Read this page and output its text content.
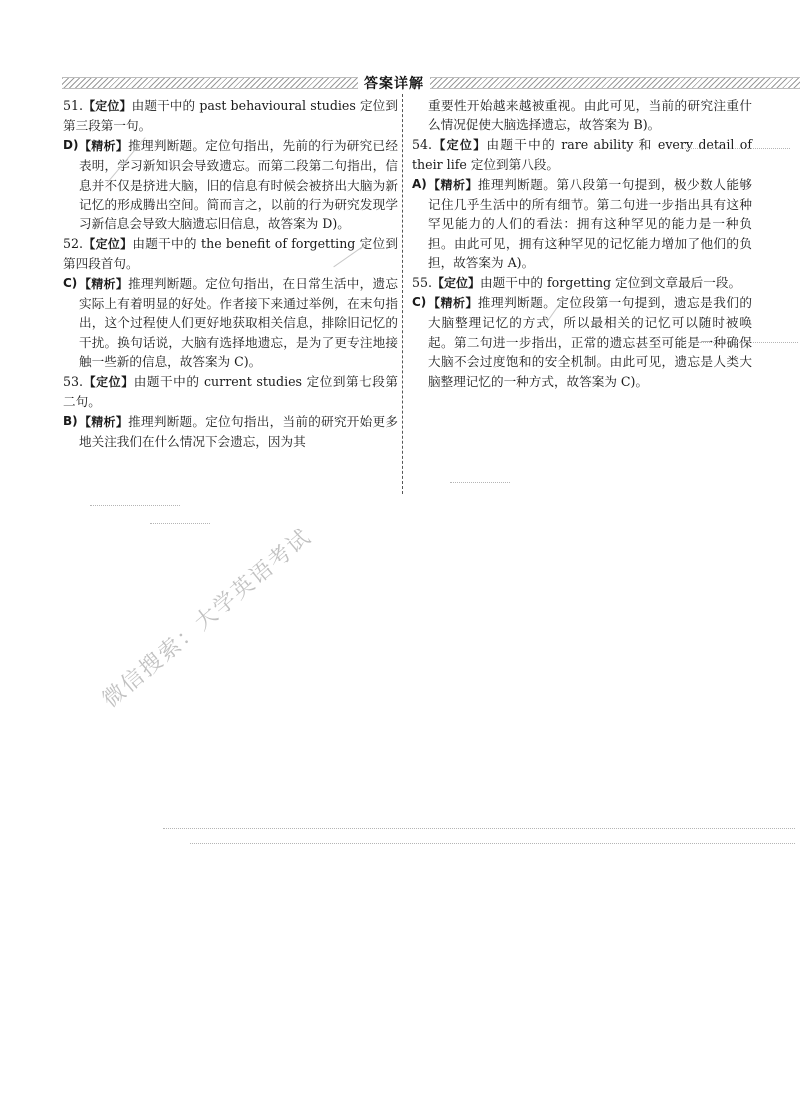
答案详解

51.【定位】由题干中的 past behavioural studies 定位到第三段第一句。

D) 【精析】推理判断题。定位句指出，先前的行为研究已经表明，学习新知识会导致遗忘。而第二段第二句指出，信息并不仅是挤进大脑，旧的信息有时候会被挤出大脑为新记忆的形成腾出空间。简而言之，以前的行为研究发现学习新信息会导致大脑遗忘旧信息，故答案为 D)。

52.【定位】由题干中的 the benefit of forgetting 定位到第四段首句。

C) 【精析】推理判断题。定位句指出，在日常生活中，遗忘实际上有着明显的好处。作者接下来通过举例，在末句指出，这个过程使人们更好地获取相关信息，排除旧记忆的干扰。换句话说，大脑有选择地遗忘，是为了更专注地接触一些新的信息，故答案为 C)。

53.【定位】由题干中的 current studies 定位到第七段第二句。

B) 【精析】推理判断题。定位句指出，当前的研究开始更多地关注我们在什么情况下会遗忘，因为其

重要性开始越来越被重视。由此可见，当前的研究注重什么情况促使大脑选择遗忘，故答案为 B)。

54.【定位】由题干中的 rare ability 和 every detail of their life 定位到第八段。

A) 【精析】推理判断题。第八段第一句提到，极少数人能够记住几乎生活中的所有细节。第二句进一步指出具有这种罕见能力的人们的看法：拥有这种罕见的能力是一种负担。由此可见，拥有这种罕见的记忆能力增加了他们的负担，故答案为 A)。

55.【定位】由题干中的 forgetting 定位到文章最后一段。

C) 【精析】推理判断题。定位段第一句提到，遗忘是我们的大脑整理记忆的方式，所以最相关的记忆可以随时被唤起。第二句进一步指出，正常的遗忘甚至可能是一种确保大脑不会过度饱和的安全机制。由此可见，遗忘是人类大脑整理记忆的一种方式，故答案为 C)。

微信搜索：大学英语考试
